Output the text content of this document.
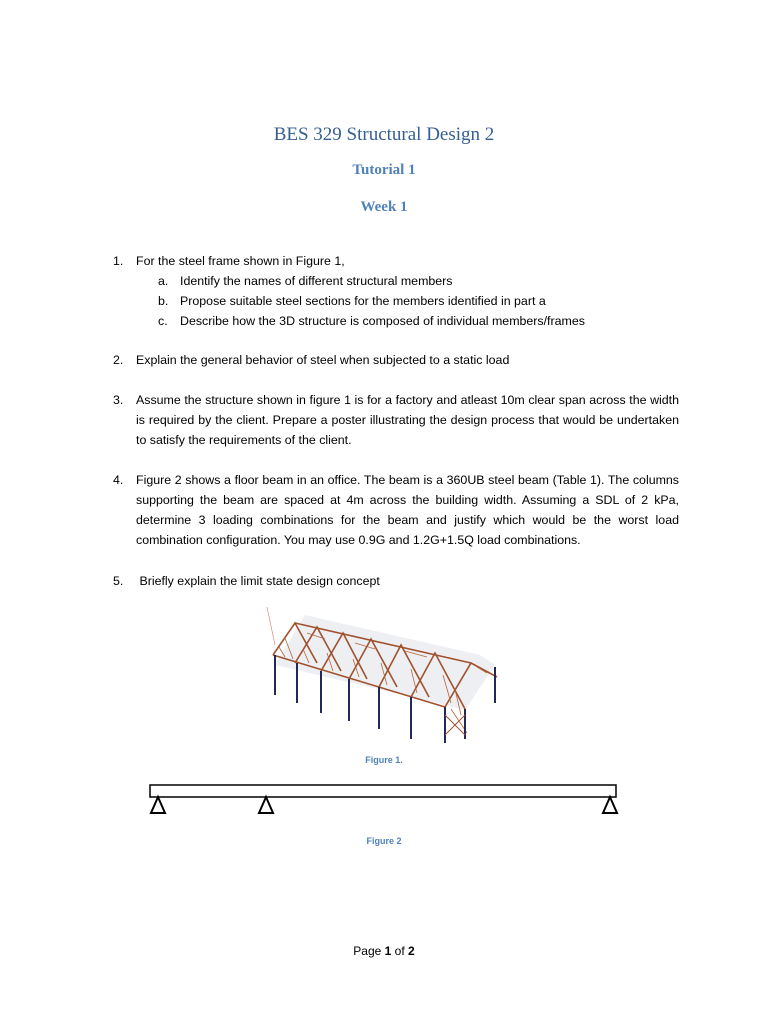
BES 329 Structural Design 2
Tutorial 1
Week 1
1. For the steel frame shown in Figure 1,
a. Identify the names of different structural members
b. Propose suitable steel sections for the members identified in part a
c. Describe how the 3D structure is composed of individual members/frames
2. Explain the general behavior of steel when subjected to a static load
3. Assume the structure shown in figure 1 is for a factory and atleast 10m clear span across the width is required by the client. Prepare a poster illustrating the design process that would be undertaken to satisfy the requirements of the client.
4. Figure 2 shows a floor beam in an office. The beam is a 360UB steel beam (Table 1). The columns supporting the beam are spaced at 4m across the building width. Assuming a SDL of 2 kPa, determine 3 loading combinations for the beam and justify which would be the worst load combination configuration. You may use 0.9G and 1.2G+1.5Q load combinations.
5. Briefly explain the limit state design concept
Figure 1.
Figure 2
Page 1 of 2
